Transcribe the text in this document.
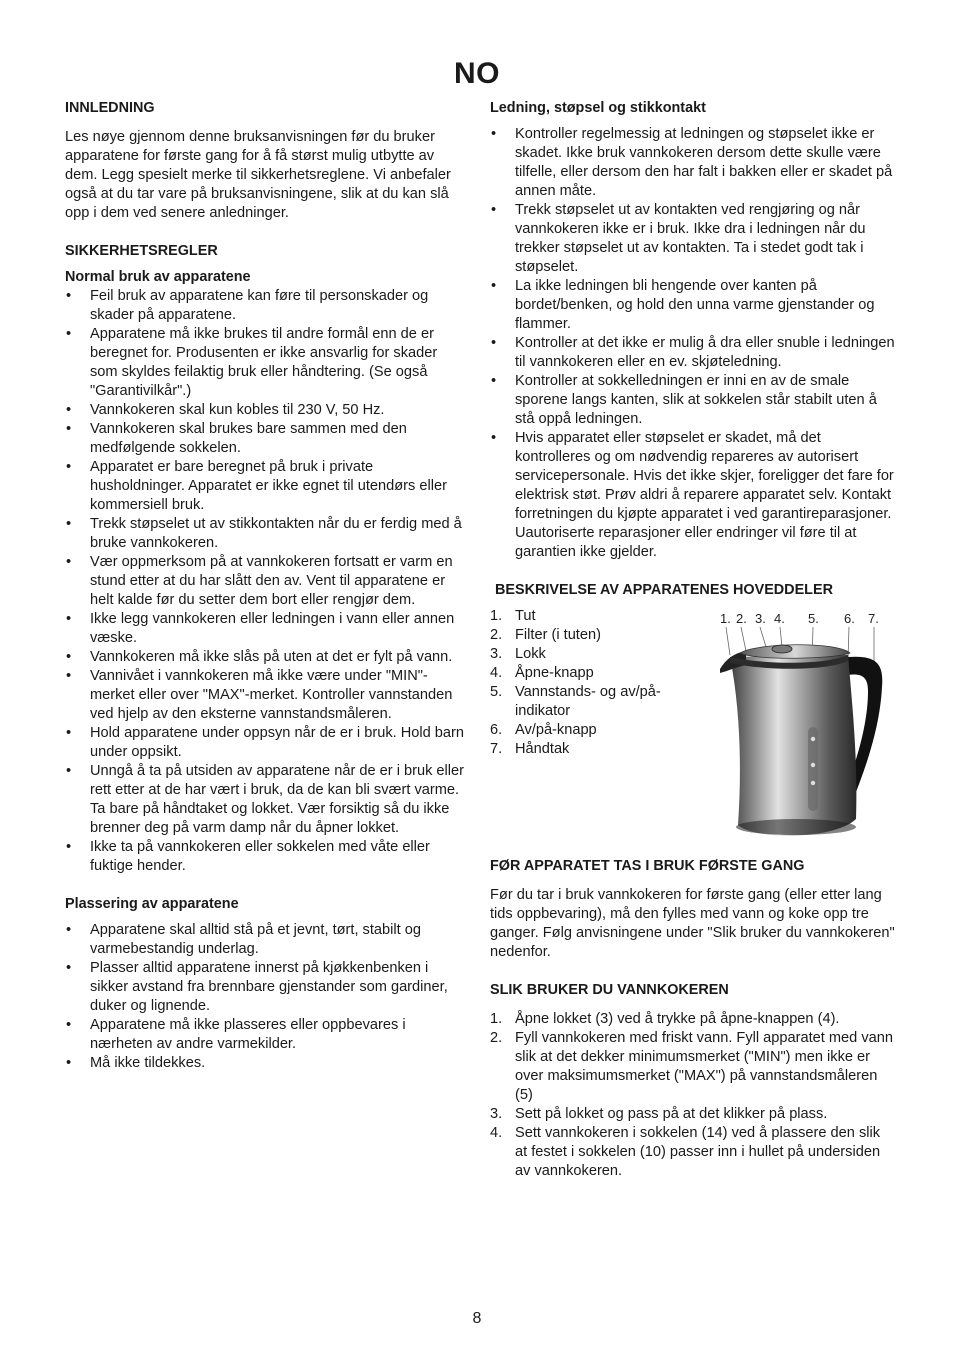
NO
INNLEDNING

Les nøye gjennom denne bruksanvisningen før du bruker apparatene for første gang for å få størst mulig utbytte av dem. Legg spesielt merke til sikkerhetsreglene. Vi anbefaler også at du tar vare på bruksanvisningene, slik at du kan slå opp i dem ved senere anledninger.

SIKKERHETSREGLER
Normal bruk av apparatene
• Feil bruk av apparatene kan føre til personskader og skader på apparatene.
• Apparatene må ikke brukes til andre formål enn de er beregnet for. Produsenten er ikke ansvarlig for skader som skyldes feilaktig bruk eller håndtering. (Se også "Garantivilkår".)
• Vannkokeren skal kun kobles til 230 V, 50 Hz.
• Vannkokeren skal brukes bare sammen med den medfølgende sokkelen.
• Apparatet er bare beregnet på bruk i private husholdninger. Apparatet er ikke egnet til utendørs eller kommersiell bruk.
• Trekk støpselet ut av stikkontakten når du er ferdig med å bruke vannkokeren.
• Vær oppmerksom på at vannkokeren fortsatt er varm en stund etter at du har slått den av. Vent til apparatene er helt kalde før du setter dem bort eller rengjør dem.
• Ikke legg vannkokeren eller ledningen i vann eller annen væske.
• Vannkokeren må ikke slås på uten at det er fylt på vann.
• Vannivået i vannkokeren må ikke være under "MIN"-merket eller over "MAX"-merket. Kontroller vannstanden ved hjelp av den eksterne vannstandsmåleren.
• Hold apparatene under oppsyn når de er i bruk. Hold barn under oppsikt.
• Unngå å ta på utsiden av apparatene når de er i bruk eller rett etter at de har vært i bruk, da de kan bli svært varme. Ta bare på håndtaket og lokket. Vær forsiktig så du ikke brenner deg på varm damp når du åpner lokket.
• Ikke ta på vannkokeren eller sokkelen med våte eller fuktige hender.
Plassering av apparatene
• Apparatene skal alltid stå på et jevnt, tørt, stabilt og varmebestandig underlag.
• Plasser alltid apparatene innerst på kjøkkenbenken i sikker avstand fra brennbare gjenstander som gardiner, duker og lignende.
• Apparatene må ikke plasseres eller oppbevares i nærheten av andre varmekilder.
• Må ikke tildekkes.
Ledning, støpsel og stikkontakt
• Kontroller regelmessig at ledningen og støpselet ikke er skadet. Ikke bruk vannkokeren dersom dette skulle være tilfelle, eller dersom den har falt i bakken eller er skadet på annen måte.
• Trekk støpselet ut av kontakten ved rengjøring og når vannkokeren ikke er i bruk. Ikke dra i ledningen når du trekker støpselet ut av kontakten. Ta i stedet godt tak i støpselet.
• La ikke ledningen bli hengende over kanten på bordet/benken, og hold den unna varme gjenstander og flammer.
• Kontroller at det ikke er mulig å dra eller snuble i ledningen til vannkokeren eller en ev. skjøteledning.
• Kontroller at sokkelledningen er inni en av de smale sporene langs kanten, slik at sokkelen står stabilt uten å stå oppå ledningen.
• Hvis apparatet eller støpselet er skadet, må det kontrolleres og om nødvendig repareres av autorisert servicepersonale. Hvis det ikke skjer, foreligger det fare for elektrisk støt. Prøv aldri å reparere apparatet selv. Kontakt forretningen du kjøpte apparatet i ved garantireparasjoner. Uautoriserte reparasjoner eller endringer vil føre til at garantien ikke gjelder.
BESKRIVELSE AV APPARATENES HOVEDDELER
1. Tut
2. Filter (i tuten)
3. Lokk
4. Åpne-knapp
5. Vannstands- og av/på-indikator
6. Av/på-knapp
7. Håndtak
1. 2. 3. 4. 5. 6. 7.
FØR APPARATET TAS I BRUK FØRSTE GANG

Før du tar i bruk vannkokeren for første gang (eller etter lang tids oppbevaring), må den fylles med vann og koke opp tre ganger. Følg anvisningene under "Slik bruker du vannkokeren" nedenfor.

SLIK BRUKER DU VANNKOKEREN
1. Åpne lokket (3) ved å trykke på åpne-knappen (4).
2. Fyll vannkokeren med friskt vann. Fyll apparatet med vann slik at det dekker minimumsmerket ("MIN") men ikke er over maksimumsmerket ("MAX") på vannstandsmåleren (5)
3. Sett på lokket og pass på at det klikker på plass.
4. Sett vannkokeren i sokkelen (14) ved å plassere den slik at festet i sokkelen (10) passer inn i hullet på undersiden av vannkokeren.
8
